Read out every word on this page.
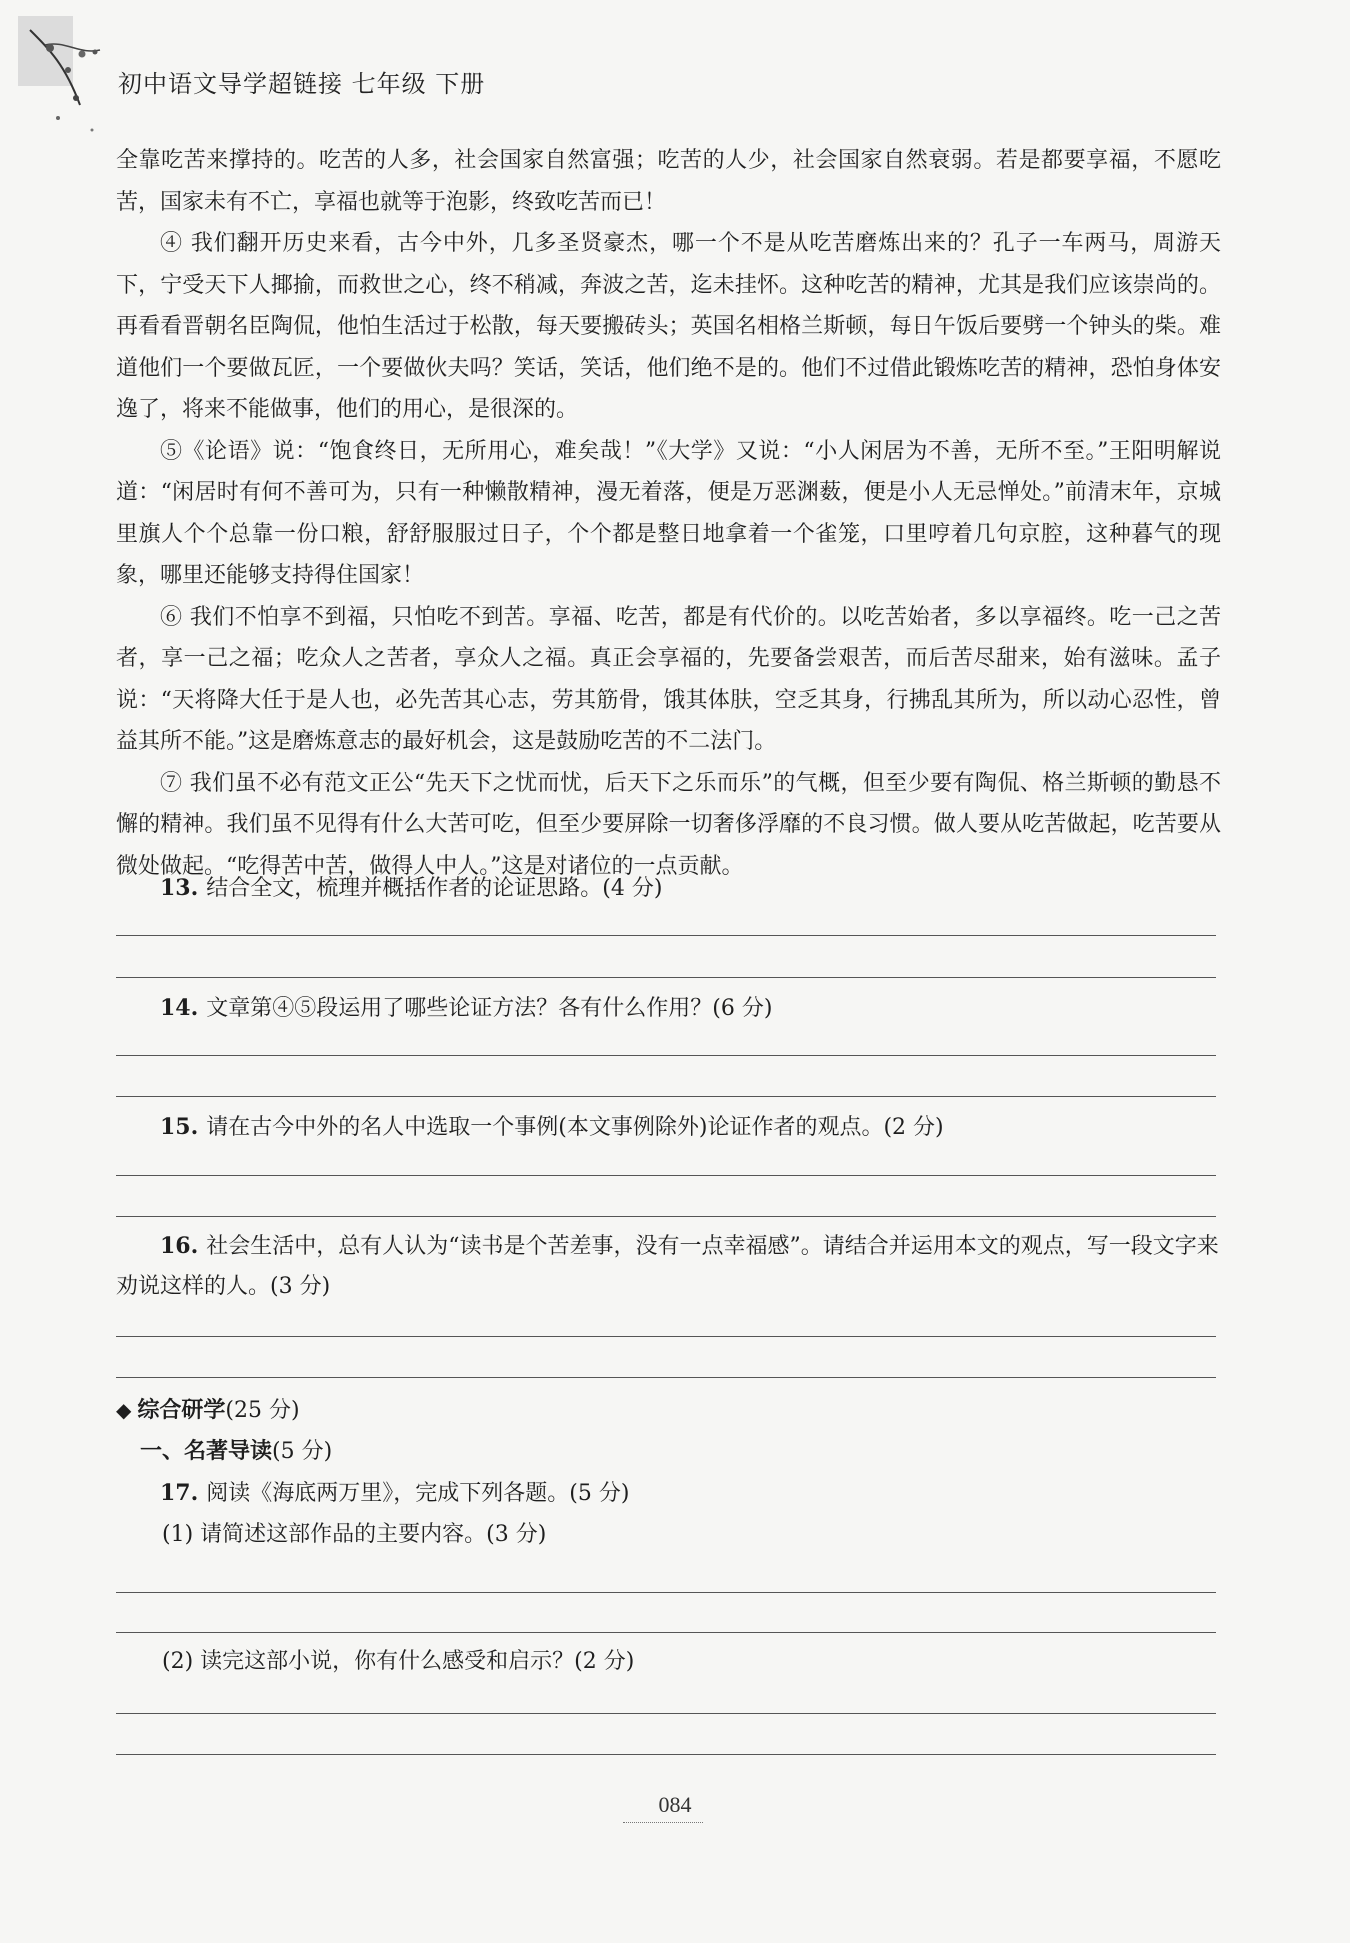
初中语文导学超链接 七年级 下册

全靠吃苦来撑持的。吃苦的人多，社会国家自然富强；吃苦的人少，社会国家自然衰弱。若是都要享福，不愿吃苦，国家未有不亡，享福也就等于泡影，终致吃苦而已！

④ 我们翻开历史来看，古今中外，几多圣贤豪杰，哪一个不是从吃苦磨炼出来的？孔子一车两马，周游天下，宁受天下人揶揄，而救世之心，终不稍减，奔波之苦，迄未挂怀。这种吃苦的精神，尤其是我们应该崇尚的。再看看晋朝名臣陶侃，他怕生活过于松散，每天要搬砖头；英国名相格兰斯顿，每日午饭后要劈一个钟头的柴。难道他们一个要做瓦匠，一个要做伙夫吗？笑话，笑话，他们绝不是的。他们不过借此锻炼吃苦的精神，恐怕身体安逸了，将来不能做事，他们的用心，是很深的。

⑤《论语》说：“饱食终日，无所用心，难矣哉！”《大学》又说：“小人闲居为不善，无所不至。”王阳明解说道：“闲居时有何不善可为，只有一种懒散精神，漫无着落，便是万恶渊薮，便是小人无忌惮处。”前清末年，京城里旗人个个总靠一份口粮，舒舒服服过日子，个个都是整日地拿着一个雀笼，口里哼着几句京腔，这种暮气的现象，哪里还能够支持得住国家！

⑥ 我们不怕享不到福，只怕吃不到苦。享福、吃苦，都是有代价的。以吃苦始者，多以享福终。吃一己之苦者，享一己之福；吃众人之苦者，享众人之福。真正会享福的，先要备尝艰苦，而后苦尽甜来，始有滋味。孟子说：“天将降大任于是人也，必先苦其心志，劳其筋骨，饿其体肤，空乏其身，行拂乱其所为，所以动心忍性，曾益其所不能。”这是磨炼意志的最好机会，这是鼓励吃苦的不二法门。

⑦ 我们虽不必有范文正公“先天下之忧而忧，后天下之乐而乐”的气概，但至少要有陶侃、格兰斯顿的勤恳不懈的精神。我们虽不见得有什么大苦可吃，但至少要屏除一切奢侈浮靡的不良习惯。做人要从吃苦做起，吃苦要从微处做起。“吃得苦中苦，做得人中人。”这是对诸位的一点贡献。

13. 结合全文，梳理并概括作者的论证思路。(4 分)
14. 文章第④⑤段运用了哪些论证方法？各有什么作用？(6 分)
15. 请在古今中外的名人中选取一个事例(本文事例除外)论证作者的观点。(2 分)
16. 社会生活中，总有人认为“读书是个苦差事，没有一点幸福感”。请结合并运用本文的观点，写一段文字来劝说这样的人。(3 分)
◆ 综合研学(25 分)
一、名著导读(5 分)
17. 阅读《海底两万里》，完成下列各题。(5 分)
(1) 请简述这部作品的主要内容。(3 分)
(2) 读完这部小说，你有什么感受和启示？(2 分)
084
